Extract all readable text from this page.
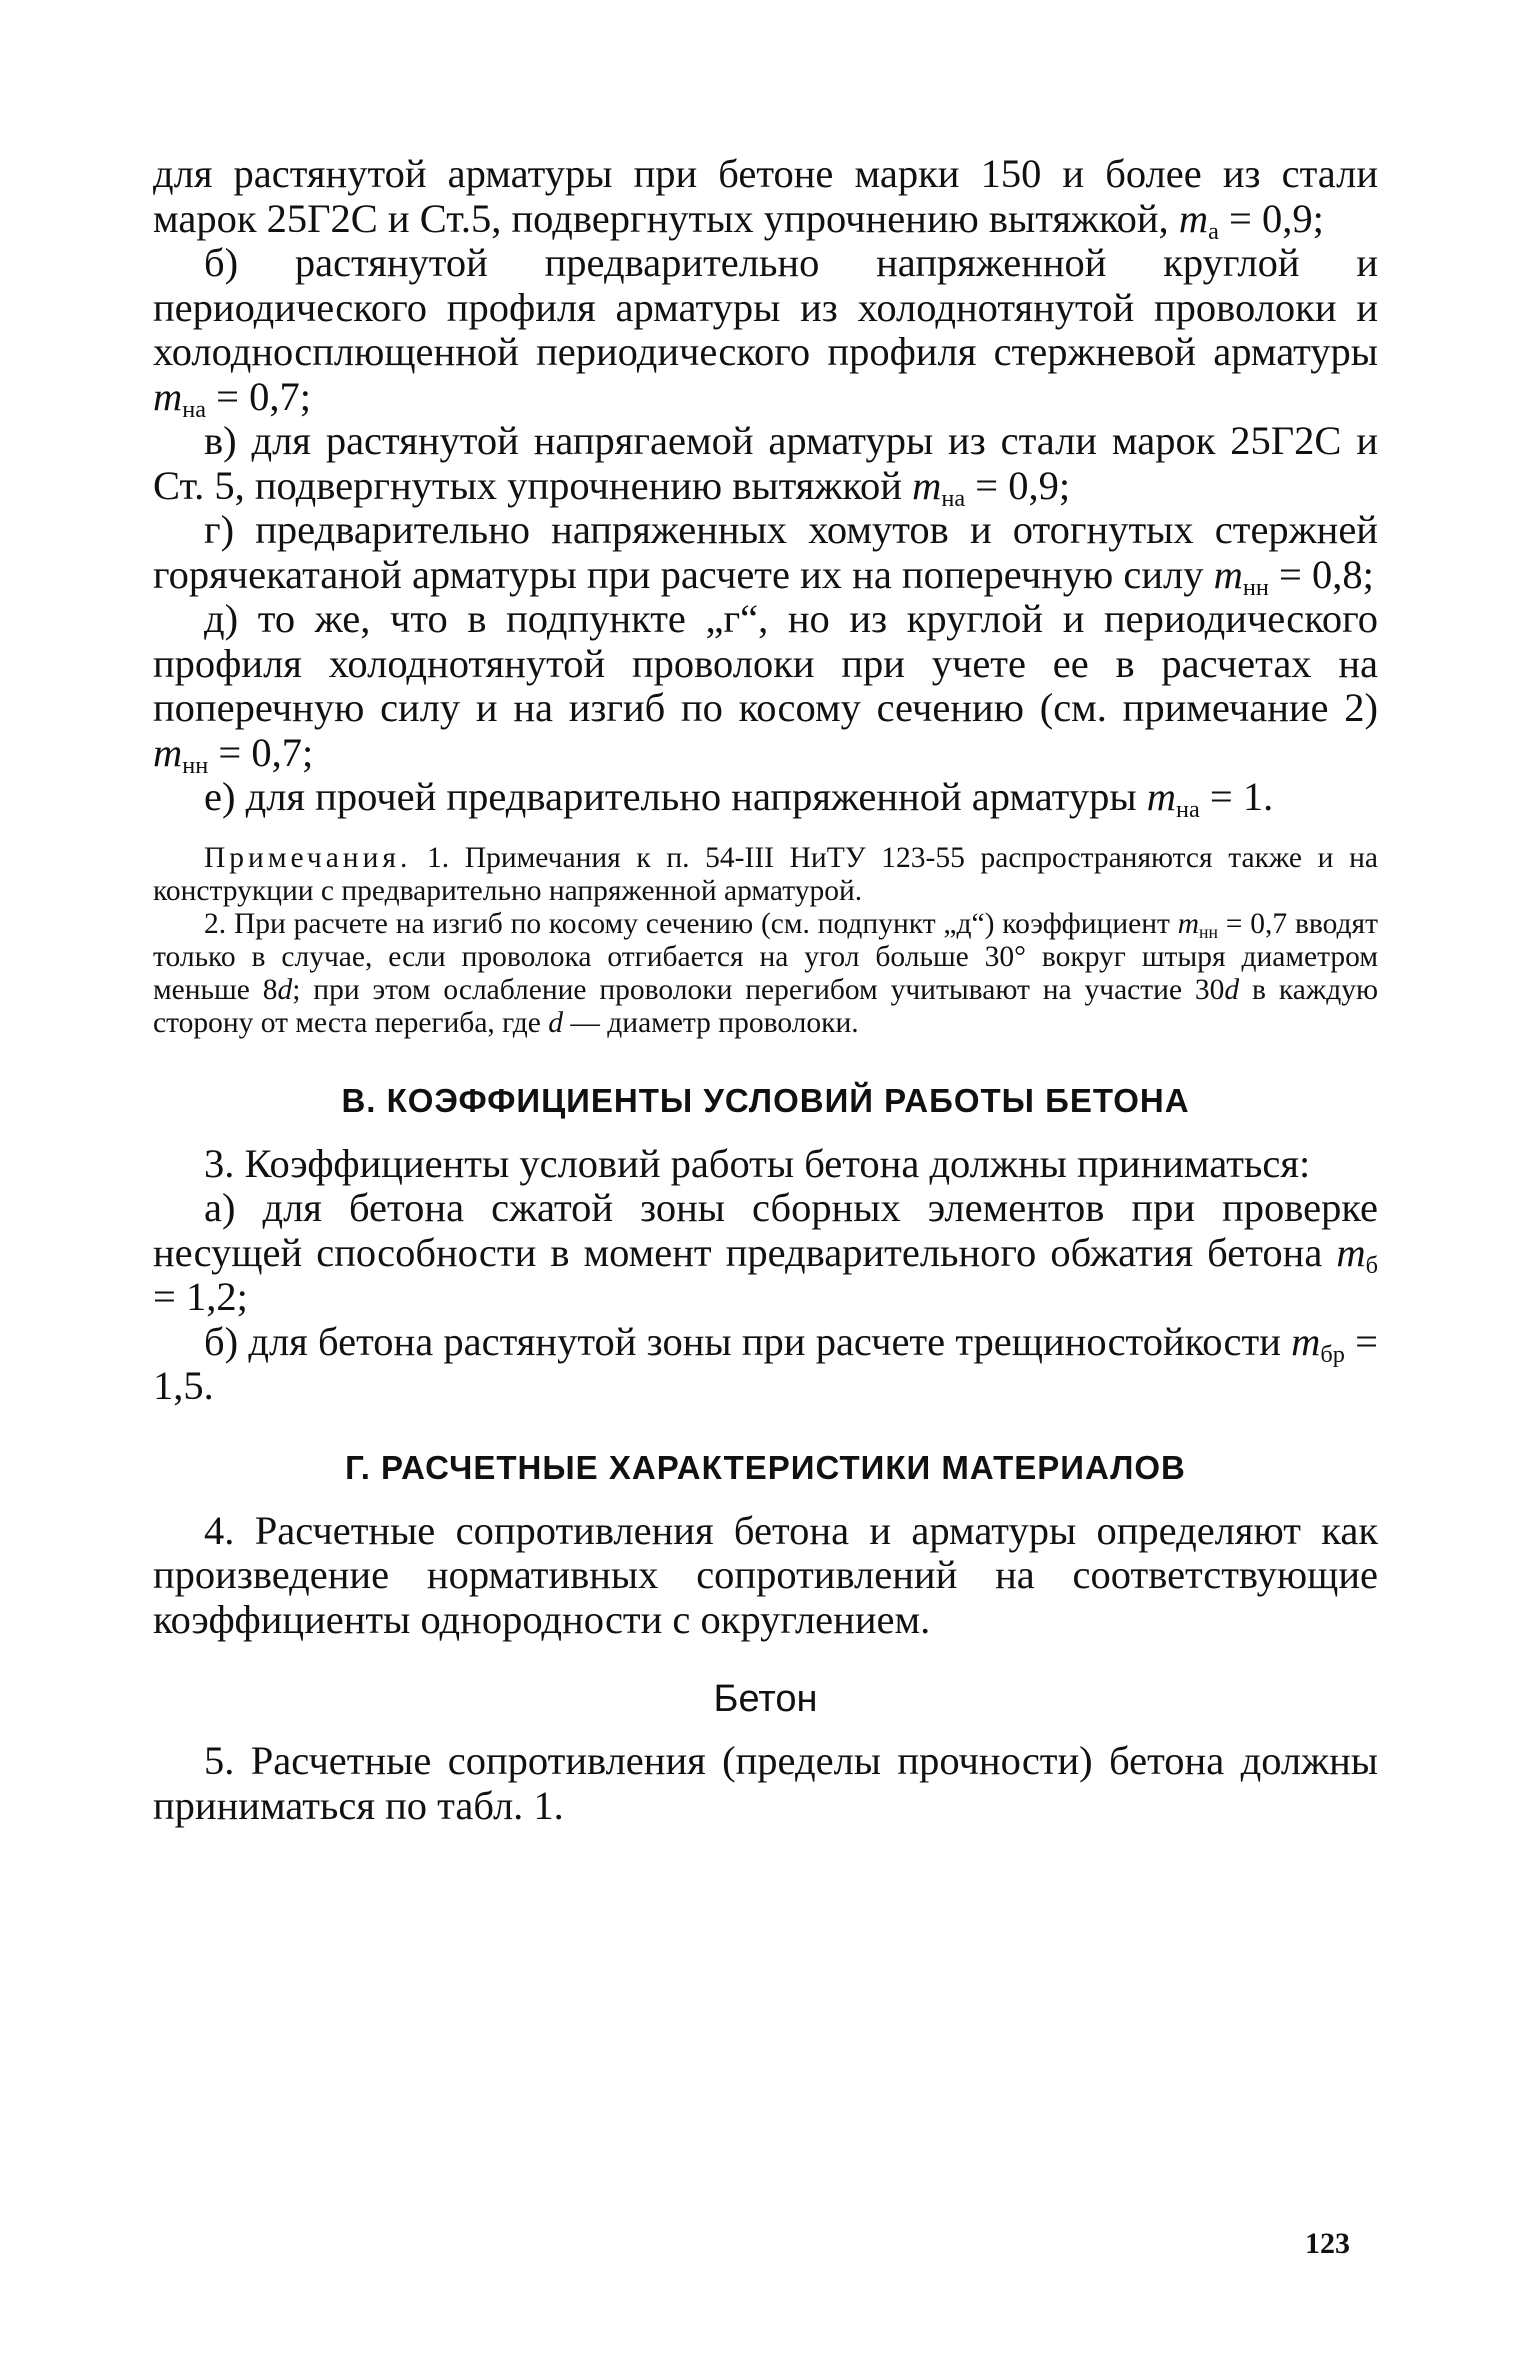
для растянутой арматуры при бетоне марки 150 и более из стали марок 25Г2С и Ст.5, подвергнутых упрочнению вытяжкой, $m_а = 0,9$;

б) растянутой предварительно напряженной круглой и периодического профиля арматуры из холоднотянутой проволоки и холодносплющенной периодического профиля стержневой арматуры $m_{на} = 0,7$;

в) для растянутой напрягаемой арматуры из стали марок 25Г2С и Ст. 5, подвергнутых упрочнению вытяжкой $m_{на} = 0,9$;

г) предварительно напряженных хомутов и отогнутых стержней горячекатаной арматуры при расчете их на поперечную силу $m_{нн} = 0,8$;

д) то же, что в подпункте „г“, но из круглой и периодического профиля холоднотянутой проволоки при учете ее в расчетах на поперечную силу и на изгиб по косому сечению (см. примечание 2) $m_{нн} = 0,7$;

е) для прочей предварительно напряженной арматуры $m_{на} = 1$.

Примечания. 1. Примечания к п. 54-III НиТУ 123-55 распространяются также и на конструкции с предварительно напряженной арматурой.

2. При расчете на изгиб по косому сечению (см. подпункт „д“) коэффициент $m_{нн} = 0,7$ вводят только в случае, если проволока отгибается на угол больше 30° вокруг штыря диаметром меньше 8d; при этом ослабление проволоки перегибом учитывают на участие 30d в каждую сторону от места перегиба, где d — диаметр проволоки.

В. КОЭФФИЦИЕНТЫ УСЛОВИЙ РАБОТЫ БЕТОНА

3. Коэффициенты условий работы бетона должны приниматься:

а) для бетона сжатой зоны сборных элементов при проверке несущей способности в момент предварительного обжатия бетона $m_б = 1,2$;

б) для бетона растянутой зоны при расчете трещиностойкости $m_{бр} = 1,5$.

Г. РАСЧЕТНЫЕ ХАРАКТЕРИСТИКИ МАТЕРИАЛОВ

4. Расчетные сопротивления бетона и арматуры определяют как произведение нормативных сопротивлений на соответствующие коэффициенты однородности с округлением.

Бетон

5. Расчетные сопротивления (пределы прочности) бетона должны приниматься по табл. 1.

123
